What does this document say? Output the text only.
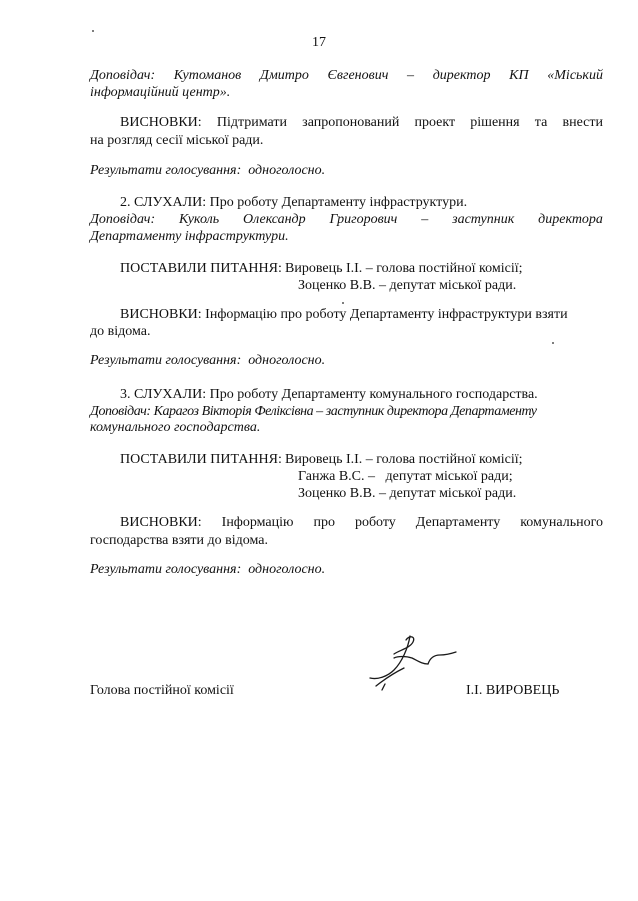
17
Доповідач: Кутоманов Дмитро Євгенович – директор КП «Міський
інформаційний центр».
ВИСНОВКИ: Підтримати запропонований проект рішення та внести
на розгляд сесії міської ради.
Результати голосування: одноголосно.
2. СЛУХАЛИ: Про роботу Департаменту інфраструктури.
Доповідач: Куколь Олександр Григорович – заступник директора
Департаменту інфраструктури.
ПОСТАВИЛИ ПИТАННЯ: Вировець І.І. – голова постійної комісії;
Зоценко В.В. – депутат міської ради.
ВИСНОВКИ: Інформацію про роботу Департаменту інфраструктури взяти
до відома.
Результати голосування: одноголосно.
3. СЛУХАЛИ: Про роботу Департаменту комунального господарства.
Доповідач: Карагоз Вікторія Феліксівна – заступник директора Департаменту
комунального господарства.
ПОСТАВИЛИ ПИТАННЯ: Вировець І.І. – голова постійної комісії;
Ганжа В.С. –   депутат міської ради;
Зоценко В.В. – депутат міської ради.
ВИСНОВКИ: Інформацію про роботу Департаменту комунального
господарства взяти до відома.
Результати голосування: одноголосно.
Голова постійної комісії	І.І. ВИРОВЕЦЬ
